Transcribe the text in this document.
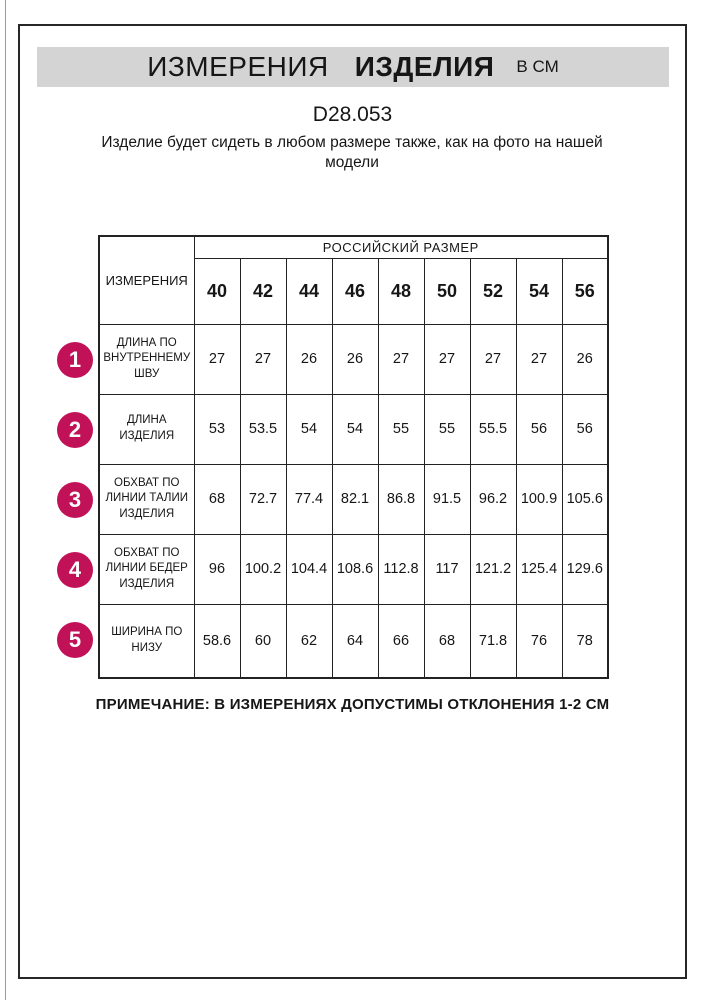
ИЗМЕРЕНИЯ ИЗДЕЛИЯ В СМ
D28.053
Изделие будет сидеть в любом размере также, как на фото на нашей модели
ИЗМЕРЕНИЯ	РОССИЙСКИЙ РАЗМЕР								
	40	42	44	46	48	50	52	54	56
ДЛИНА ПО ВНУТРЕННЕМУ ШВУ	27	27	26	26	27	27	27	27	26
ДЛИНА ИЗДЕЛИЯ	53	53.5	54	54	55	55	55.5	56	56
ОБХВАТ ПО ЛИНИИ ТАЛИИ ИЗДЕЛИЯ	68	72.7	77.4	82.1	86.8	91.5	96.2	100.9	105.6
ОБХВАТ ПО ЛИНИИ БЕДЕР ИЗДЕЛИЯ	96	100.2	104.4	108.6	112.8	117	121.2	125.4	129.6
ШИРИНА ПО НИЗУ	58.6	60	62	64	66	68	71.8	76	78
1
2
3
4
5
ПРИМЕЧАНИЕ: В ИЗМЕРЕНИЯХ ДОПУСТИМЫ ОТКЛОНЕНИЯ 1-2 СМ
